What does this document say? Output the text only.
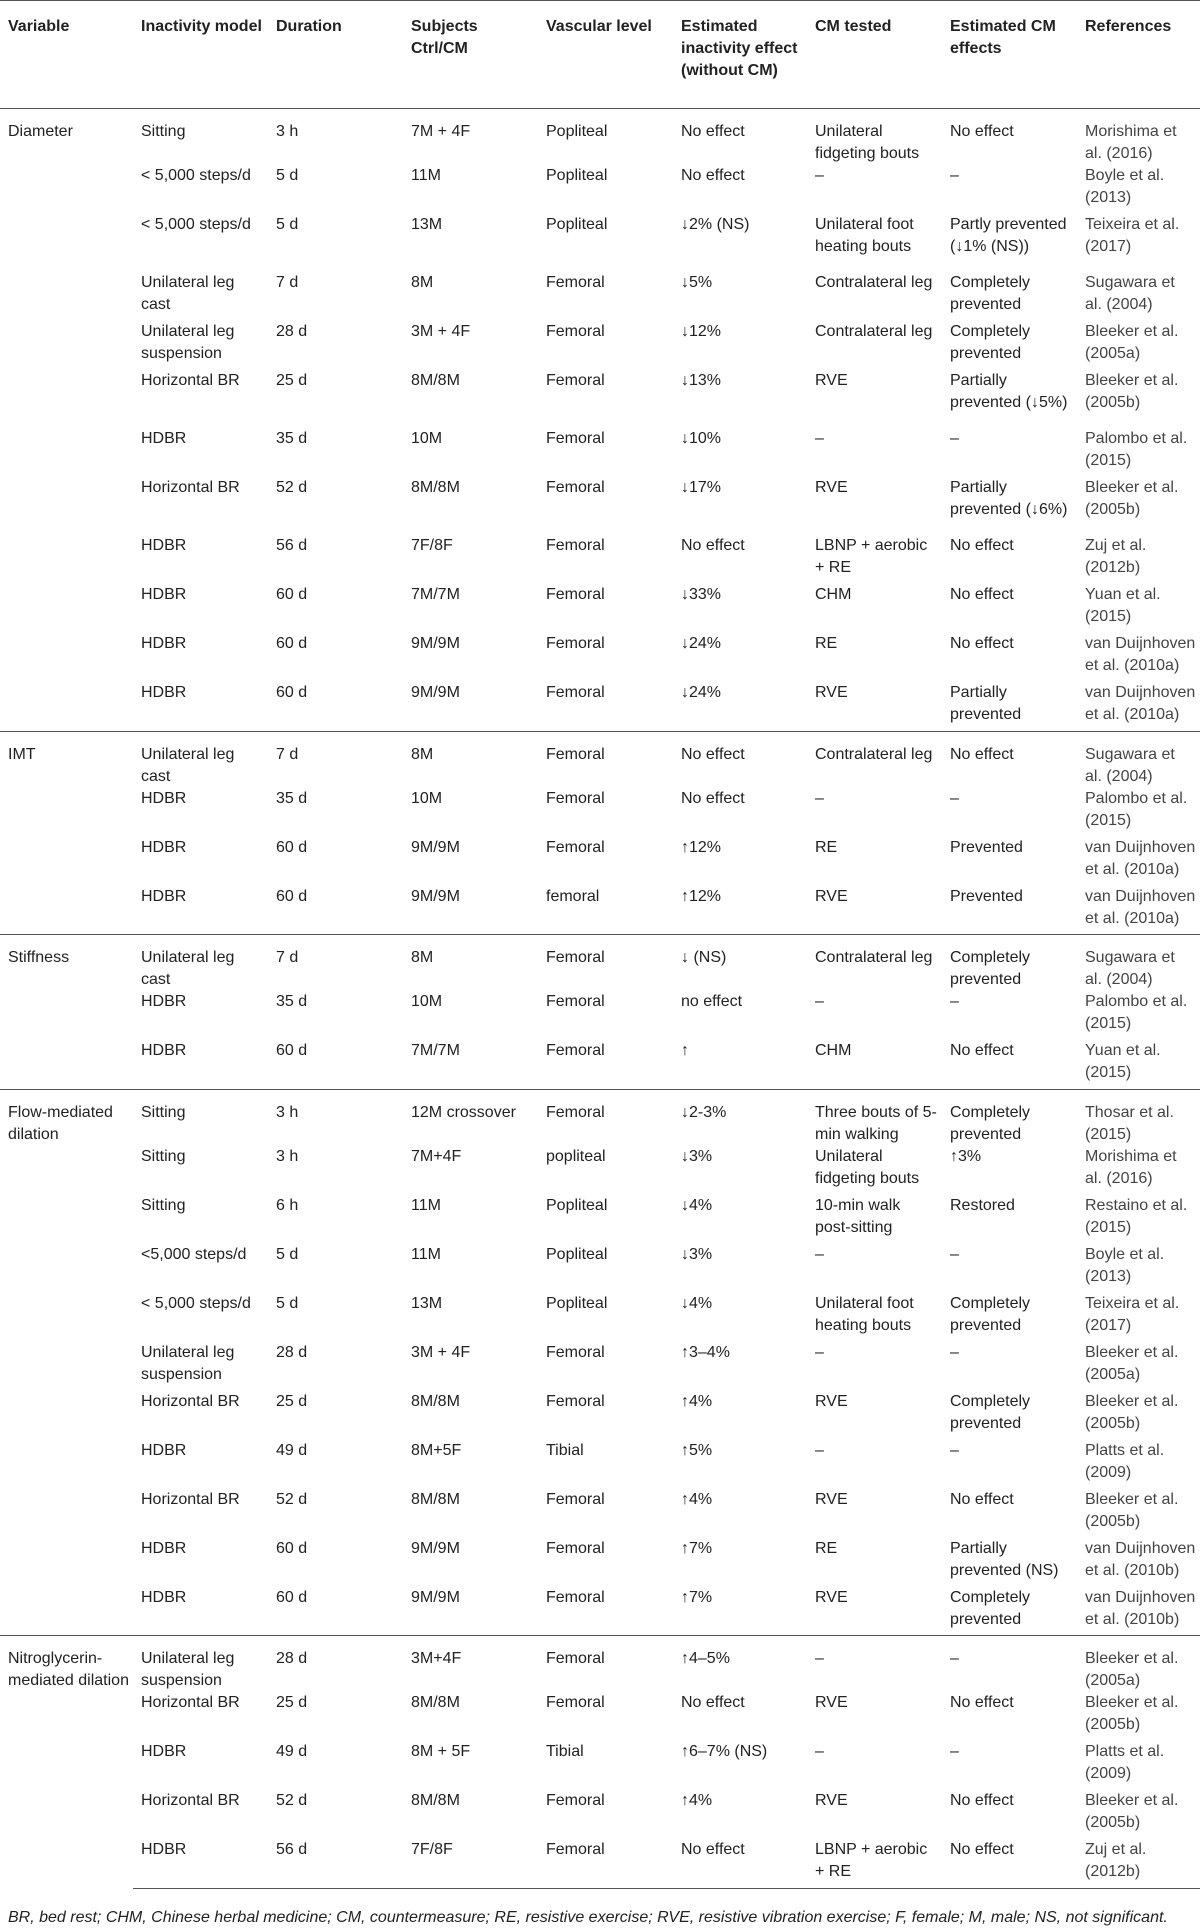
Variable	Inactivity model	Duration	Subjects Ctrl/CM	Vascular level	Estimated inactivity effect (without CM)	CM tested	Estimated CM effects	References
Diameter	Sitting	3 h	7M + 4F	Popliteal	No effect	Unilateral fidgeting bouts	No effect	Morishima et al. (2016)
	< 5,000 steps/d	5 d	11M	Popliteal	No effect	–	–	Boyle et al. (2013)
	< 5,000 steps/d	5 d	13M	Popliteal	↓2% (NS)	Unilateral foot heating bouts	Partly prevented (↓1% (NS))	Teixeira et al. (2017)
	Unilateral leg cast	7 d	8M	Femoral	↓5%	Contralateral leg	Completely prevented	Sugawara et al. (2004)
	Unilateral leg suspension	28 d	3M + 4F	Femoral	↓12%	Contralateral leg	Completely prevented	Bleeker et al. (2005a)
	Horizontal BR	25 d	8M/8M	Femoral	↓13%	RVE	Partially prevented (↓5%)	Bleeker et al. (2005b)
	HDBR	35 d	10M	Femoral	↓10%	–	–	Palombo et al. (2015)
	Horizontal BR	52 d	8M/8M	Femoral	↓17%	RVE	Partially prevented (↓6%)	Bleeker et al. (2005b)
	HDBR	56 d	7F/8F	Femoral	No effect	LBNP + aerobic + RE	No effect	Zuj et al. (2012b)
	HDBR	60 d	7M/7M	Femoral	↓33%	CHM	No effect	Yuan et al. (2015)
	HDBR	60 d	9M/9M	Femoral	↓24%	RE	No effect	van Duijnhoven et al. (2010a)
	HDBR	60 d	9M/9M	Femoral	↓24%	RVE	Partially prevented	van Duijnhoven et al. (2010a)
IMT	Unilateral leg cast	7 d	8M	Femoral	No effect	Contralateral leg	No effect	Sugawara et al. (2004)
	HDBR	35 d	10M	Femoral	No effect	–	–	Palombo et al. (2015)
	HDBR	60 d	9M/9M	Femoral	↑12%	RE	Prevented	van Duijnhoven et al. (2010a)
	HDBR	60 d	9M/9M	femoral	↑12%	RVE	Prevented	van Duijnhoven et al. (2010a)
Stiffness	Unilateral leg cast	7 d	8M	Femoral	↓ (NS)	Contralateral leg	Completely prevented	Sugawara et al. (2004)
	HDBR	35 d	10M	Femoral	no effect	–	–	Palombo et al. (2015)
	HDBR	60 d	7M/7M	Femoral	↑	CHM	No effect	Yuan et al. (2015)
Flow-mediated dilation	Sitting	3 h	12M crossover	Femoral	↓2-3%	Three bouts of 5-min walking	Completely prevented	Thosar et al. (2015)
	Sitting	3 h	7M+4F	popliteal	↓3%	Unilateral fidgeting bouts	↑3%	Morishima et al. (2016)
	Sitting	6 h	11M	Popliteal	↓4%	10-min walk post-sitting	Restored	Restaino et al. (2015)
	<5,000 steps/d	5 d	11M	Popliteal	↓3%	–	–	Boyle et al. (2013)
	< 5,000 steps/d	5 d	13M	Popliteal	↓4%	Unilateral foot heating bouts	Completely prevented	Teixeira et al. (2017)
	Unilateral leg suspension	28 d	3M + 4F	Femoral	↑3–4%	–	–	Bleeker et al. (2005a)
	Horizontal BR	25 d	8M/8M	Femoral	↑4%	RVE	Completely prevented	Bleeker et al. (2005b)
	HDBR	49 d	8M+5F	Tibial	↑5%	–	–	Platts et al. (2009)
	Horizontal BR	52 d	8M/8M	Femoral	↑4%	RVE	No effect	Bleeker et al. (2005b)
	HDBR	60 d	9M/9M	Femoral	↑7%	RE	Partially prevented (NS)	van Duijnhoven et al. (2010b)
	HDBR	60 d	9M/9M	Femoral	↑7%	RVE	Completely prevented	van Duijnhoven et al. (2010b)
Nitroglycerin-mediated dilation	Unilateral leg suspension	28 d	3M+4F	Femoral	↑4–5%	–	–	Bleeker et al. (2005a)
	Horizontal BR	25 d	8M/8M	Femoral	No effect	RVE	No effect	Bleeker et al. (2005b)
	HDBR	49 d	8M + 5F	Tibial	↑6–7% (NS)	–	–	Platts et al. (2009)
	Horizontal BR	52 d	8M/8M	Femoral	↑4%	RVE	No effect	Bleeker et al. (2005b)
	HDBR	56 d	7F/8F	Femoral	No effect	LBNP + aerobic + RE	No effect	Zuj et al. (2012b)
BR, bed rest; CHM, Chinese herbal medicine; CM, countermeasure; RE, resistive exercise; RVE, resistive vibration exercise; F, female; M, male; NS, not significant.
